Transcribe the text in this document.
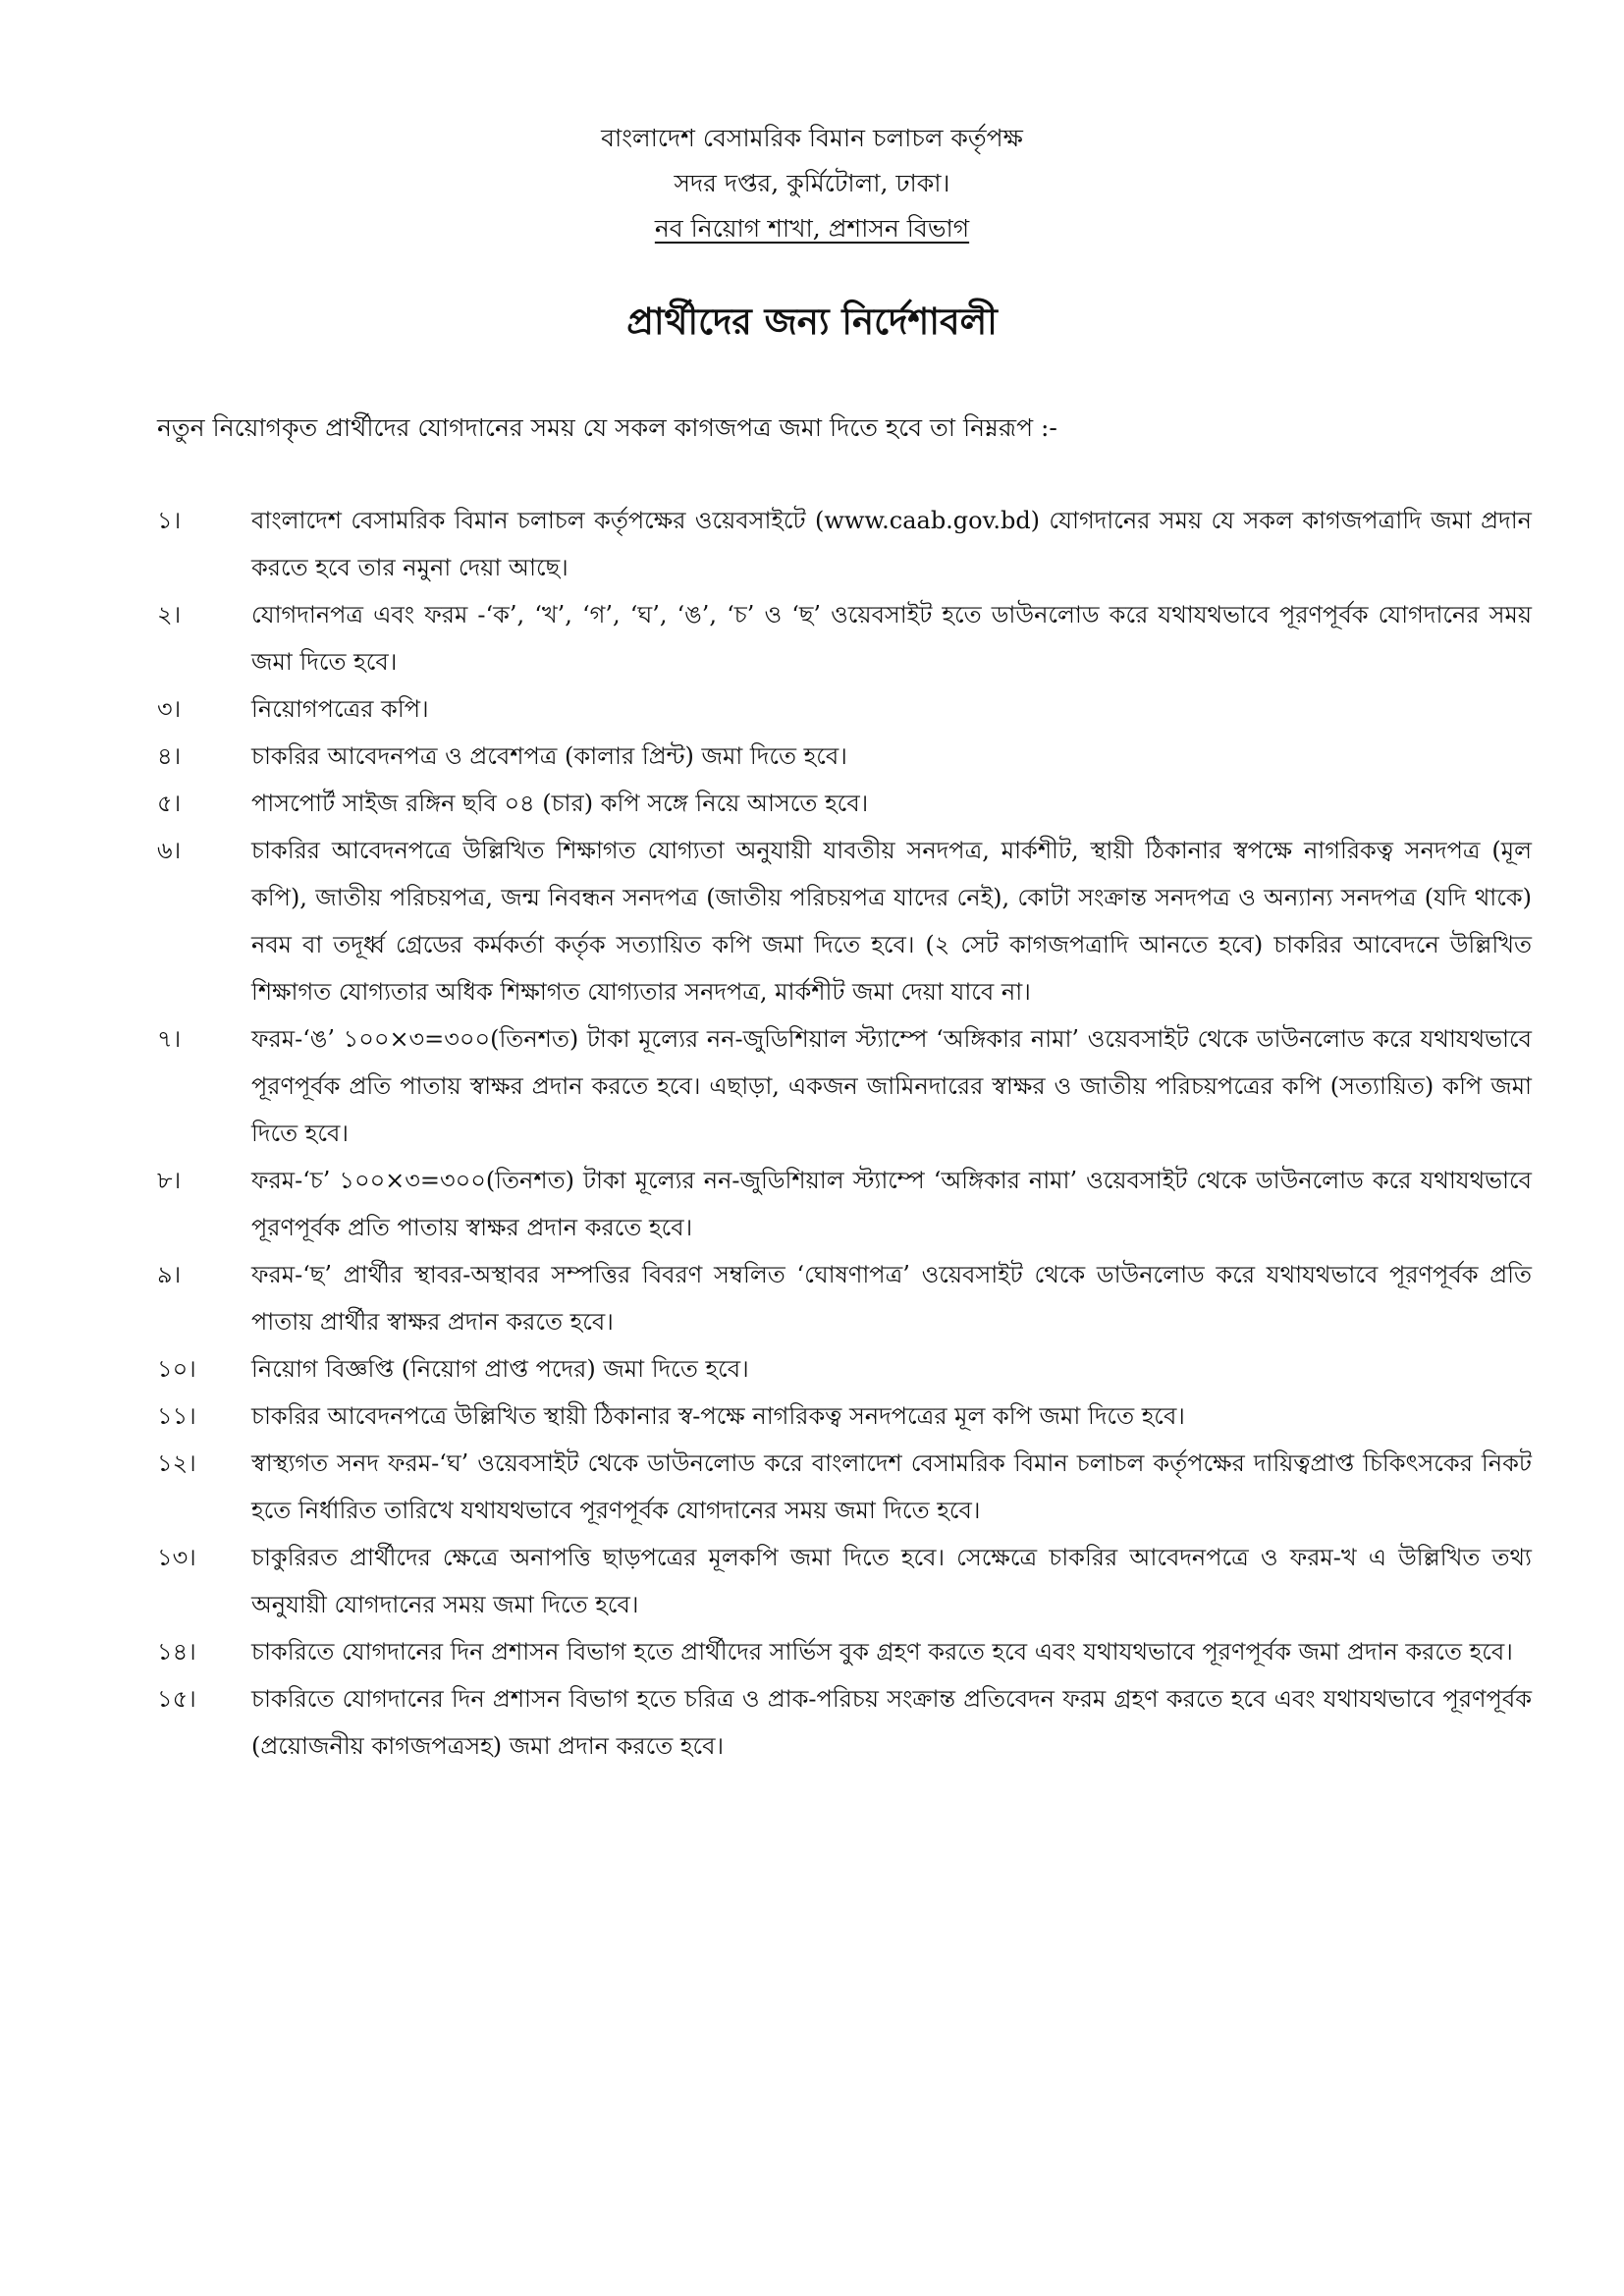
বাংলাদেশ বেসামরিক বিমান চলাচল কর্তৃপক্ষ
সদর দপ্তর, কুর্মিটোলা, ঢাকা।
নব নিয়োগ শাখা, প্রশাসন বিভাগ
প্রার্থীদের জন্য নির্দেশাবলী
নতুন নিয়োগকৃত প্রার্থীদের যোগদানের সময় যে সকল কাগজপত্র জমা দিতে হবে তা নিম্নরূপ :-
১।	বাংলাদেশ বেসামরিক বিমান চলাচল কর্তৃপক্ষের ওয়েবসাইটে (www.caab.gov.bd) যোগদানের সময় যে সকল কাগজপত্রাদি জমা প্রদান করতে হবে তার নমুনা দেয়া আছে।
২।	যোগদানপত্র এবং ফরম -‘ক’, ‘খ’, ‘গ’, ‘ঘ’, ‘ঙ’, ‘চ’ ও ‘ছ’ ওয়েবসাইট হতে ডাউনলোড করে যথাযথভাবে পূরণপূর্বক যোগদানের সময় জমা দিতে হবে।
৩।	নিয়োগপত্রের কপি।
৪।	চাকরির আবেদনপত্র ও প্রবেশপত্র (কালার প্রিন্ট) জমা দিতে হবে।
৫।	পাসপোর্ট সাইজ রঙ্গিন ছবি ০৪ (চার) কপি সঙ্গে নিয়ে আসতে হবে।
৬।	চাকরির আবেদনপত্রে উল্লিখিত শিক্ষাগত যোগ্যতা অনুযায়ী যাবতীয় সনদপত্র, মার্কশীট, স্থায়ী ঠিকানার স্বপক্ষে নাগরিকত্ব সনদপত্র (মূল কপি), জাতীয় পরিচয়পত্র, জন্ম নিবন্ধন সনদপত্র (জাতীয় পরিচয়পত্র যাদের নেই), কোটা সংক্রান্ত সনদপত্র ও অন্যান্য সনদপত্র (যদি থাকে) নবম বা তদূর্ধ্ব গ্রেডের কর্মকর্তা কর্তৃক সত্যায়িত কপি জমা দিতে হবে। (২ সেট কাগজপত্রাদি আনতে হবে) চাকরির আবেদনে উল্লিখিত শিক্ষাগত যোগ্যতার অধিক শিক্ষাগত যোগ্যতার সনদপত্র, মার্কশীট জমা দেয়া যাবে না।
৭।	ফরম-‘ঙ’ ১০০×৩=৩০০(তিনশত) টাকা মূল্যের নন-জুডিশিয়াল স্ট্যাম্পে ‘অঙ্গিকার নামা’ ওয়েবসাইট থেকে ডাউনলোড করে যথাযথভাবে পূরণপূর্বক প্রতি পাতায় স্বাক্ষর প্রদান করতে হবে। এছাড়া, একজন জামিনদারের স্বাক্ষর ও জাতীয় পরিচয়পত্রের কপি (সত্যায়িত) কপি জমা দিতে হবে।
৮।	ফরম-‘চ’ ১০০×৩=৩০০(তিনশত) টাকা মূল্যের নন-জুডিশিয়াল স্ট্যাম্পে ‘অঙ্গিকার নামা’ ওয়েবসাইট থেকে ডাউনলোড করে যথাযথভাবে পূরণপূর্বক প্রতি পাতায় স্বাক্ষর প্রদান করতে হবে।
৯।	ফরম-‘ছ’ প্রার্থীর স্থাবর-অস্থাবর সম্পত্তির বিবরণ সম্বলিত ‘ঘোষণাপত্র’ ওয়েবসাইট থেকে ডাউনলোড করে যথাযথভাবে পূরণপূর্বক প্রতি পাতায় প্রার্থীর স্বাক্ষর প্রদান করতে হবে।
১০।	নিয়োগ বিজ্ঞপ্তি (নিয়োগ প্রাপ্ত পদের) জমা দিতে হবে।
১১।	চাকরির আবেদনপত্রে উল্লিখিত স্থায়ী ঠিকানার স্ব-পক্ষে নাগরিকত্ব সনদপত্রের মূল কপি জমা দিতে হবে।
১২।	স্বাস্থ্যগত সনদ ফরম-‘ঘ’ ওয়েবসাইট থেকে ডাউনলোড করে বাংলাদেশ বেসামরিক বিমান চলাচল কর্তৃপক্ষের দায়িত্বপ্রাপ্ত চিকিৎসকের নিকট হতে নির্ধারিত তারিখে যথাযথভাবে পূরণপূর্বক যোগদানের সময় জমা দিতে হবে।
১৩।	চাকুরিরত প্রার্থীদের ক্ষেত্রে অনাপত্তি ছাড়পত্রের মূলকপি জমা দিতে হবে। সেক্ষেত্রে চাকরির আবেদনপত্রে ও ফরম-খ এ উল্লিখিত তথ্য অনুযায়ী যোগদানের সময় জমা দিতে হবে।
১৪।	চাকরিতে যোগদানের দিন প্রশাসন বিভাগ হতে প্রার্থীদের সার্ভিস বুক গ্রহণ করতে হবে এবং যথাযথভাবে পূরণপূর্বক জমা প্রদান করতে হবে।
১৫।	চাকরিতে যোগদানের দিন প্রশাসন বিভাগ হতে চরিত্র ও প্রাক-পরিচয় সংক্রান্ত প্রতিবেদন ফরম গ্রহণ করতে হবে এবং যথাযথভাবে পূরণপূর্বক (প্রয়োজনীয় কাগজপত্রসহ) জমা প্রদান করতে হবে।
